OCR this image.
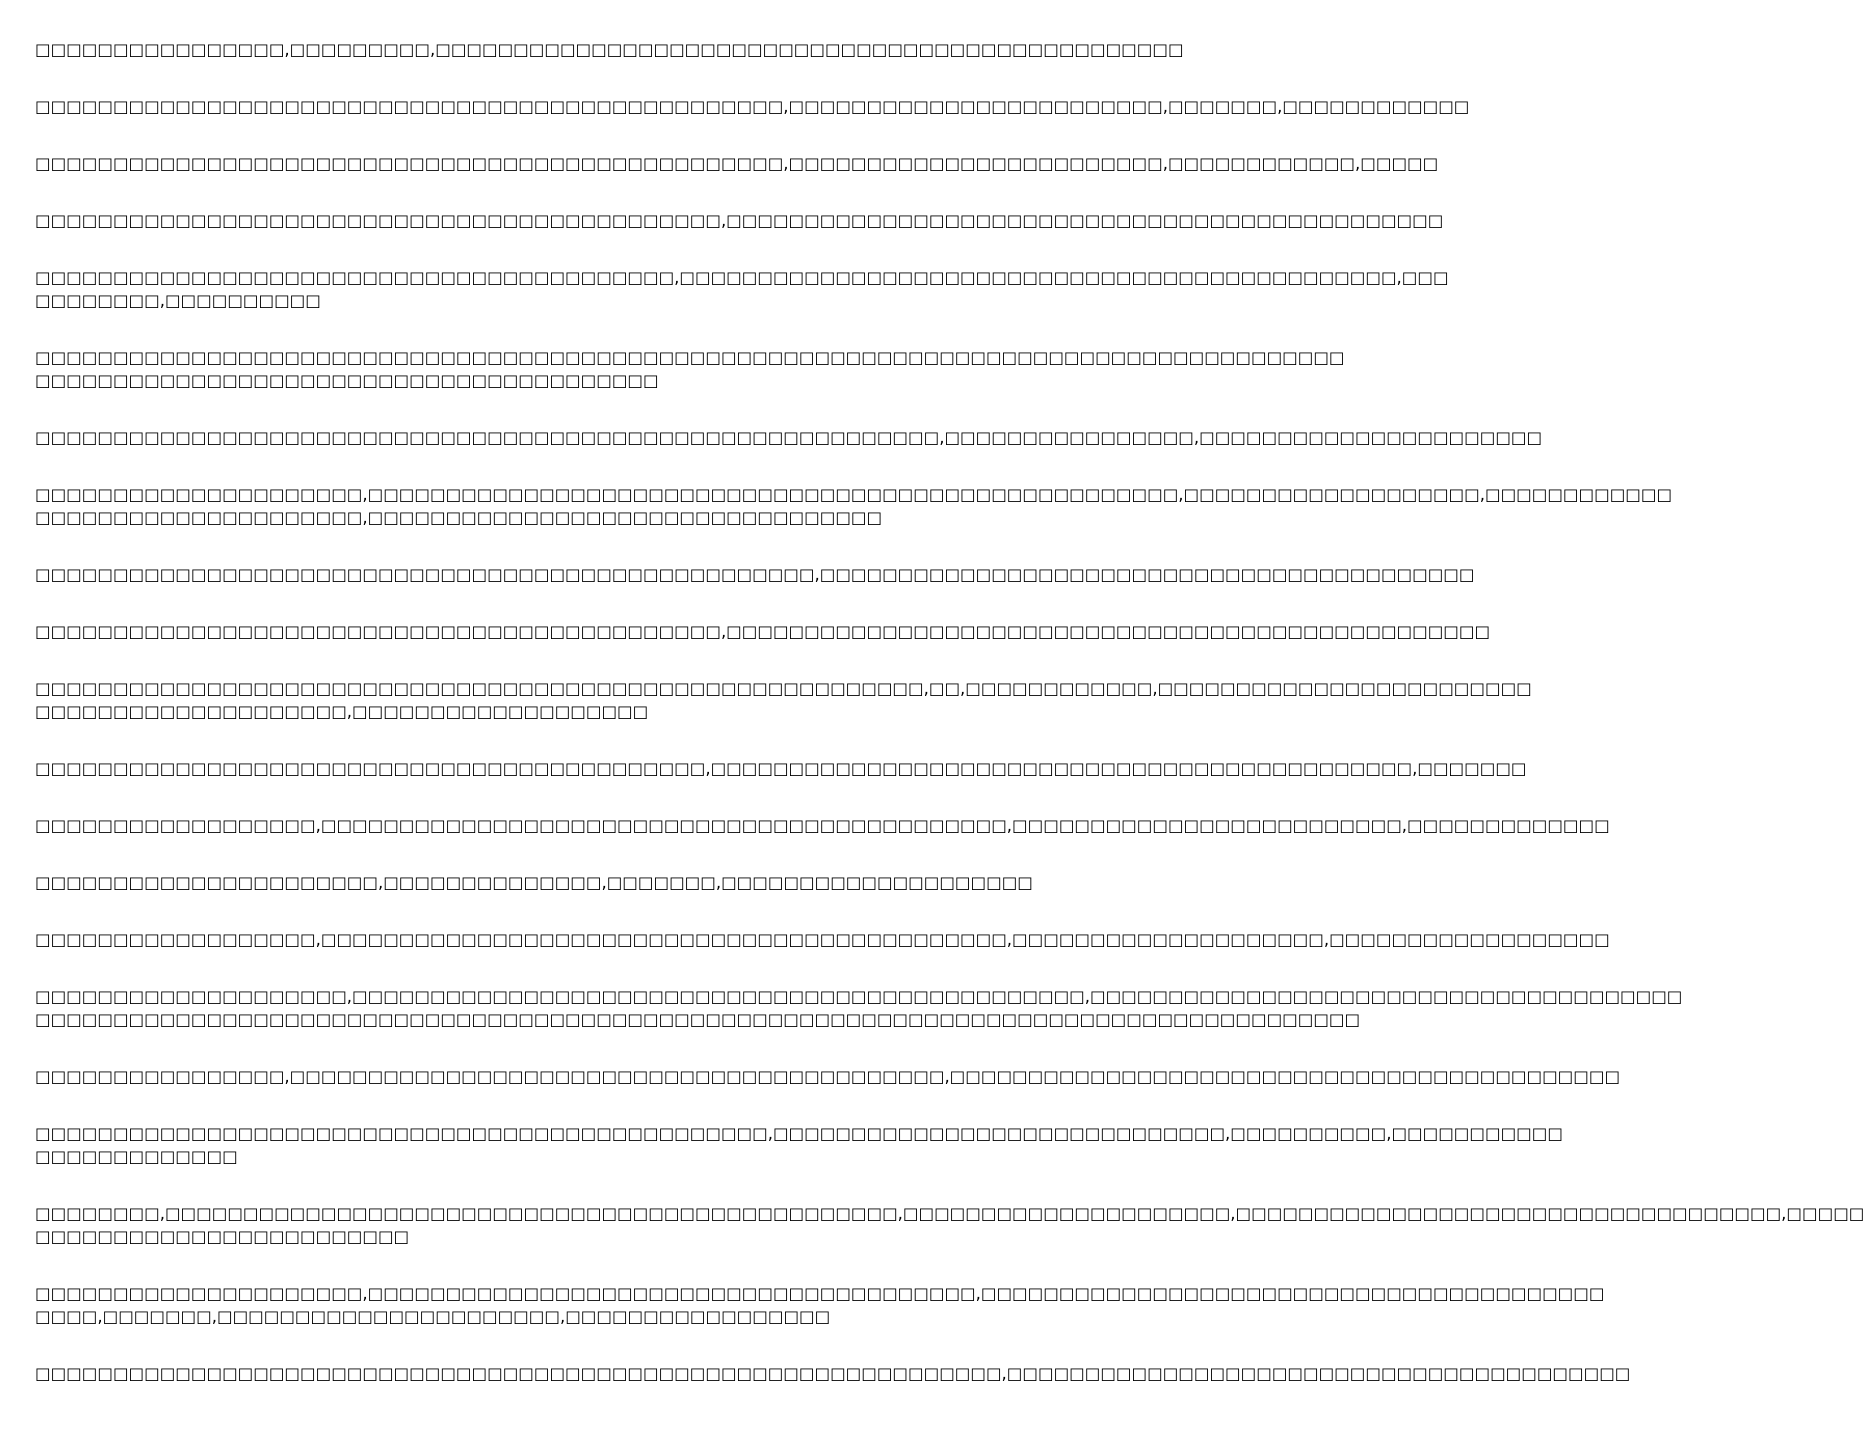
□□□□□□□□□□□□□□□□,□□□□□□□□□,□□□□□□□□□□□□□□□□□□□□□□□□□□□□□□□□□□□□□□□□□□□□□□□□
□□□□□□□□□□□□□□□□□□□□□□□□□□□□□□□□□□□□□□□□□□□□□□□□,□□□□□□□□□□□□□□□□□□□□□□□□,□□□□□□□,□□□□□□□□□□□□
□□□□□□□□□□□□□□□□□□□□□□□□□□□□□□□□□□□□□□□□□□□□□□□□,□□□□□□□□□□□□□□□□□□□□□□□□,□□□□□□□□□□□□,□□□□□
□□□□□□□□□□□□□□□□□□□□□□□□□□□□□□□□□□□□□□□□□□□□,□□□□□□□□□□□□□□□□□□□□□□□□□□□□□□□□□□□□□□□□□□□□□□
□□□□□□□□□□□□□□□□□□□□□□□□□□□□□□□□□□□□□□□□□,□□□□□□□□□□□□□□□□□□□□□□□□□□□□□□□□□□□□□□□□□□□□□□,□□□
□□□□□□□□,□□□□□□□□□□
□□□□□□□□□□□□□□□□□□□□□□□□□□□□□□□□□□□□□□□□□□□□□□□□□□□□□□□□□□□□□□□□□□□□□□□□□□□□□□□□□□□□
□□□□□□□□□□□□□□□□□□□□□□□□□□□□□□□□□□□□□□□□
□□□□□□□□□□□□□□□□□□□□□□□□□□□□□□□□□□□□□□□□□□□□□□□□□□□□□□□□□□,□□□□□□□□□□□□□□□□,□□□□□□□□□□□□□□□□□□□□□□
□□□□□□□□□□□□□□□□□□□□□,□□□□□□□□□□□□□□□□□□□□□□□□□□□□□□□□□□□□□□□□□□□□□□□□□□□□,□□□□□□□□□□□□□□□□□□□,□□□□□□□□□□□□
□□□□□□□□□□□□□□□□□□□□□,□□□□□□□□□□□□□□□□□□□□□□□□□□□□□□□□□
□□□□□□□□□□□□□□□□□□□□□□□□□□□□□□□□□□□□□□□□□□□□□□□□□□,□□□□□□□□□□□□□□□□□□□□□□□□□□□□□□□□□□□□□□□□□□
□□□□□□□□□□□□□□□□□□□□□□□□□□□□□□□□□□□□□□□□□□□□,□□□□□□□□□□□□□□□□□□□□□□□□□□□□□□□□□□□□□□□□□□□□□□□□□
□□□□□□□□□□□□□□□□□□□□□□□□□□□□□□□□□□□□□□□□□□□□□□□□□□□□□□□□□,□□,□□□□□□□□□□□□,□□□□□□□□□□□□□□□□□□□□□□□□
□□□□□□□□□□□□□□□□□□□□,□□□□□□□□□□□□□□□□□□□
□□□□□□□□□□□□□□□□□□□□□□□□□□□□□□□□□□□□□□□□□□□,□□□□□□□□□□□□□□□□□□□□□□□□□□□□□□□□□□□□□□□□□□□□□,□□□□□□□
□□□□□□□□□□□□□□□□□□,□□□□□□□□□□□□□□□□□□□□□□□□□□□□□□□□□□□□□□□□□□□□,□□□□□□□□□□□□□□□□□□□□□□□□□,□□□□□□□□□□□□□
□□□□□□□□□□□□□□□□□□□□□□,□□□□□□□□□□□□□□,□□□□□□□,□□□□□□□□□□□□□□□□□□□□
□□□□□□□□□□□□□□□□□□,□□□□□□□□□□□□□□□□□□□□□□□□□□□□□□□□□□□□□□□□□□□□,□□□□□□□□□□□□□□□□□□□□,□□□□□□□□□□□□□□□□□□
□□□□□□□□□□□□□□□□□□□□,□□□□□□□□□□□□□□□□□□□□□□□□□□□□□□□□□□□□□□□□□□□□□□□,□□□□□□□□□□□□□□□□□□□□□□□□□□□□□□□□□□□□□□
□□□□□□□□□□□□□□□□□□□□□□□□□□□□□□□□□□□□□□□□□□□□□□□□□□□□□□□□□□□□□□□□□□□□□□□□□□□□□□□□□□□□□
□□□□□□□□□□□□□□□□,□□□□□□□□□□□□□□□□□□□□□□□□□□□□□□□□□□□□□□□□□□,□□□□□□□□□□□□□□□□□□□□□□□□□□□□□□□□□□□□□□□□□□□
□□□□□□□□□□□□□□□□□□□□□□□□□□□□□□□□□□□□□□□□□□□□□□□,□□□□□□□□□□□□□□□□□□□□□□□□□□□□□,□□□□□□□□□□,□□□□□□□□□□□
□□□□□□□□□□□□□
□□□□□□□□,□□□□□□□□□□□□□□□□□□□□□□□□□□□□□□□□□□□□□□□□□□□□□□□,□□□□□□□□□□□□□□□□□□□□□,□□□□□□□□□□□□□□□□□□□□□□□□□□□□□□□□□□□,□□□□□
□□□□□□□□□□□□□□□□□□□□□□□□
□□□□□□□□□□□□□□□□□□□□□,□□□□□□□□□□□□□□□□□□□□□□□□□□□□□□□□□□□□□□□,□□□□□□□□□□□□□□□□□□□□□□□□□□□□□□□□□□□□□□□□
□□□□,□□□□□□□,□□□□□□□□□□□□□□□□□□□□□□,□□□□□□□□□□□□□□□□□
□□□□□□□□□□□□□□□□□□□□□□□□□□□□□□□□□□□□□□□□□□□□□□□□□□□□□□□□□□□□□□,□□□□□□□□□□□□□□□□□□□□□□□□□□□□□□□□□□□□□□□□
